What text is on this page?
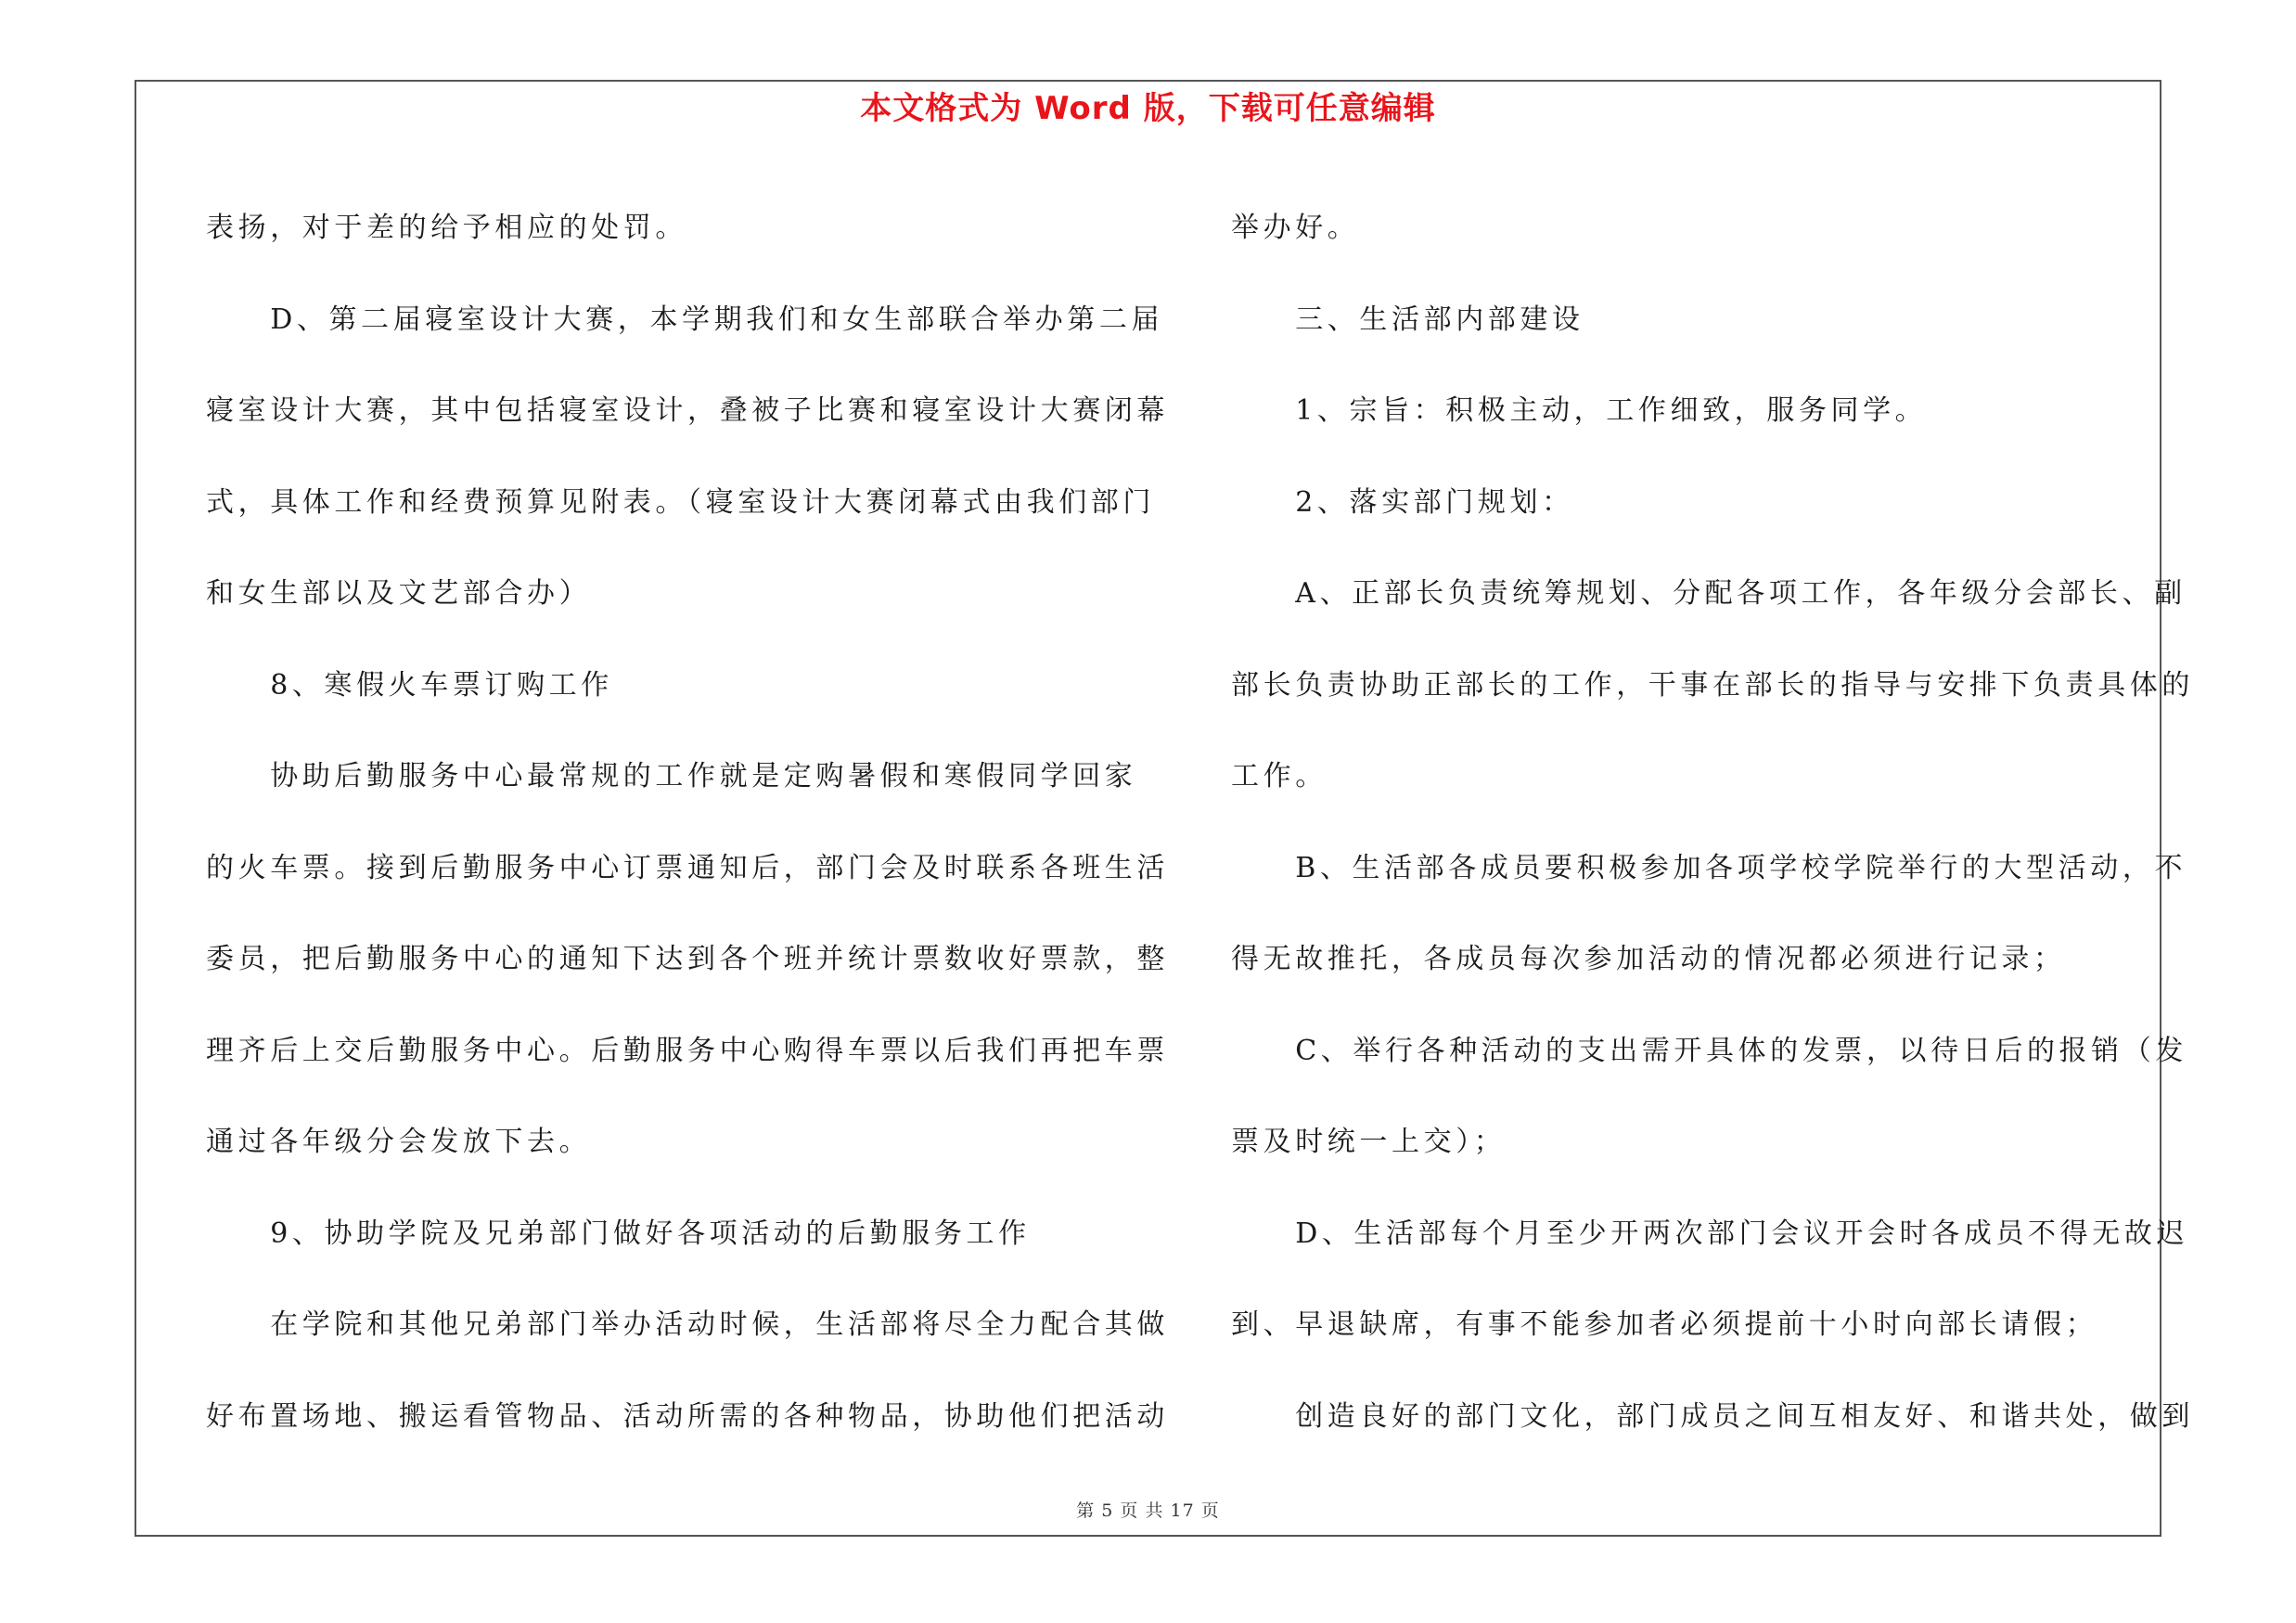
本文格式为 Word 版，下载可任意编辑
表扬，对于差的给予相应的处罚。
　　D、第二届寝室设计大赛，本学期我们和女生部联合举办第二届
寝室设计大赛，其中包括寝室设计，叠被子比赛和寝室设计大赛闭幕
式，具体工作和经费预算见附表。（寝室设计大赛闭幕式由我们部门
和女生部以及文艺部合办）
　　8、寒假火车票订购工作
　　协助后勤服务中心最常规的工作就是定购暑假和寒假同学回家
的火车票。接到后勤服务中心订票通知后，部门会及时联系各班生活
委员，把后勤服务中心的通知下达到各个班并统计票数收好票款，整
理齐后上交后勤服务中心。后勤服务中心购得车票以后我们再把车票
通过各年级分会发放下去。
　　9、协助学院及兄弟部门做好各项活动的后勤服务工作
　　在学院和其他兄弟部门举办活动时候，生活部将尽全力配合其做
好布置场地、搬运看管物品、活动所需的各种物品，协助他们把活动
举办好。
　　三、生活部内部建设
　　1、宗旨：积极主动，工作细致，服务同学。
　　2、落实部门规划：
　　A、正部长负责统筹规划、分配各项工作，各年级分会部长、副
部长负责协助正部长的工作，干事在部长的指导与安排下负责具体的
工作。
　　B、生活部各成员要积极参加各项学校学院举行的大型活动，不
得无故推托，各成员每次参加活动的情况都必须进行记录；
　　C、举行各种活动的支出需开具体的发票，以待日后的报销（发
票及时统一上交）；
　　D、生活部每个月至少开两次部门会议开会时各成员不得无故迟
到、早退缺席，有事不能参加者必须提前十小时向部长请假；
　　创造良好的部门文化，部门成员之间互相友好、和谐共处，做到
第 5 页 共 17 页
